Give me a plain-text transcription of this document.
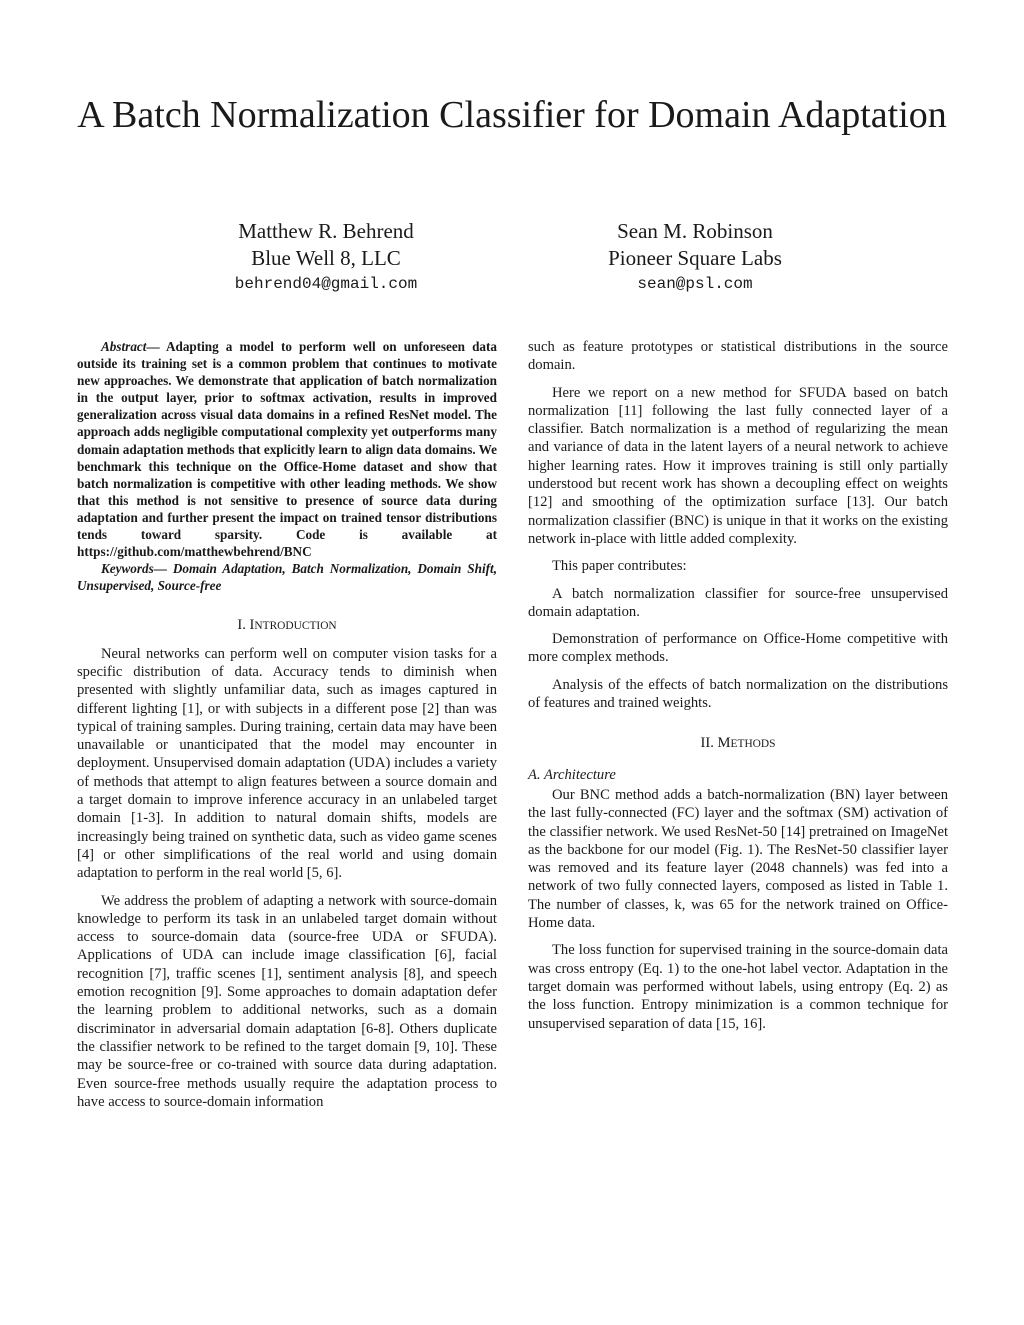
A Batch Normalization Classifier for Domain Adaptation
Matthew R. Behrend
Blue Well 8, LLC
behrend04@gmail.com
Sean M. Robinson
Pioneer Square Labs
sean@psl.com

Abstract— Adapting a model to perform well on unforeseen data outside its training set is a common problem that continues to motivate new approaches. We demonstrate that application of batch normalization in the output layer, prior to softmax activation, results in improved generalization across visual data domains in a refined ResNet model. The approach adds negligible computational complexity yet outperforms many domain adaptation methods that explicitly learn to align data domains. We benchmark this technique on the Office-Home dataset and show that batch normalization is competitive with other leading methods. We show that this method is not sensitive to presence of source data during adaptation and further present the impact on trained tensor distributions tends toward sparsity. Code is available at https://github.com/matthewbehrend/BNC

Keywords— Domain Adaptation, Batch Normalization, Domain Shift, Unsupervised, Source-free

I. INTRODUCTION

Neural networks can perform well on computer vision tasks for a specific distribution of data. Accuracy tends to diminish when presented with slightly unfamiliar data, such as images captured in different lighting [1], or with subjects in a different pose [2] than was typical of training samples. During training, certain data may have been unavailable or unanticipated that the model may encounter in deployment. Unsupervised domain adaptation (UDA) includes a variety of methods that attempt to align features between a source domain and a target domain to improve inference accuracy in an unlabeled target domain [1-3]. In addition to natural domain shifts, models are increasingly being trained on synthetic data, such as video game scenes [4] or other simplifications of the real world and using domain adaptation to perform in the real world [5, 6].

We address the problem of adapting a network with source-domain knowledge to perform its task in an unlabeled target domain without access to source-domain data (source-free UDA or SFUDA). Applications of UDA can include image classification [6], facial recognition [7], traffic scenes [1], sentiment analysis [8], and speech emotion recognition [9]. Some approaches to domain adaptation defer the learning problem to additional networks, such as a domain discriminator in adversarial domain adaptation [6-8]. Others duplicate the classifier network to be refined to the target domain [9, 10]. These may be source-free or co-trained with source data during adaptation. Even source-free methods usually require the adaptation process to have access to source-domain information

such as feature prototypes or statistical distributions in the source domain.

Here we report on a new method for SFUDA based on batch normalization [11] following the last fully connected layer of a classifier. Batch normalization is a method of regularizing the mean and variance of data in the latent layers of a neural network to achieve higher learning rates. How it improves training is still only partially understood but recent work has shown a decoupling effect on weights [12] and smoothing of the optimization surface [13]. Our batch normalization classifier (BNC) is unique in that it works on the existing network in-place with little added complexity.

This paper contributes:

A batch normalization classifier for source-free unsupervised domain adaptation.

Demonstration of performance on Office-Home competitive with more complex methods.

Analysis of the effects of batch normalization on the distributions of features and trained weights.

II. METHODS
A. Architecture

Our BNC method adds a batch-normalization (BN) layer between the last fully-connected (FC) layer and the softmax (SM) activation of the classifier network. We used ResNet-50 [14] pretrained on ImageNet as the backbone for our model (Fig. 1). The ResNet-50 classifier layer was removed and its feature layer (2048 channels) was fed into a network of two fully connected layers, composed as listed in Table 1. The number of classes, k, was 65 for the network trained on Office-Home data.

The loss function for supervised training in the source-domain data was cross entropy (Eq. 1) to the one-hot label vector. Adaptation in the target domain was performed without labels, using entropy (Eq. 2) as the loss function. Entropy minimization is a common technique for unsupervised separation of data [15, 16].
